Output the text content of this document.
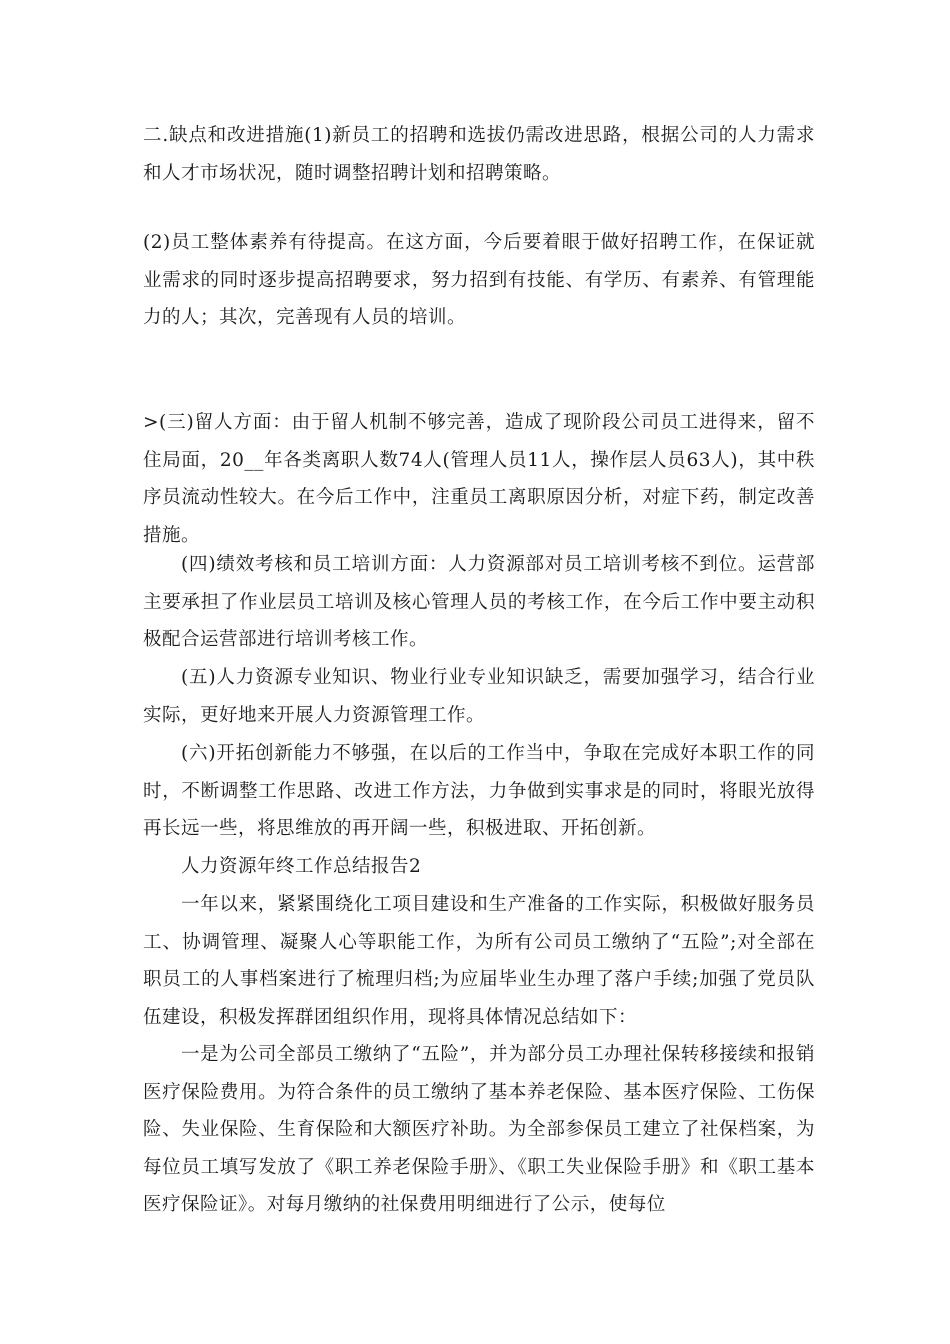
二.缺点和改进措施(1)新员工的招聘和选拔仍需改进思路，根据公司的人力需求和人才市场状况，随时调整招聘计划和招聘策略。

(2)员工整体素养有待提高。在这方面，今后要着眼于做好招聘工作，在保证就业需求的同时逐步提高招聘要求，努力招到有技能、有学历、有素养、有管理能力的人；其次，完善现有人员的培训。

>(三)留人方面：由于留人机制不够完善，造成了现阶段公司员工进得来，留不住局面，20__年各类离职人数74人(管理人员11人，操作层人员63人)，其中秩序员流动性较大。在今后工作中，注重员工离职原因分析，对症下药，制定改善措施。

(四)绩效考核和员工培训方面：人力资源部对员工培训考核不到位。运营部主要承担了作业层员工培训及核心管理人员的考核工作，在今后工作中要主动积极配合运营部进行培训考核工作。

(五)人力资源专业知识、物业行业专业知识缺乏，需要加强学习，结合行业实际，更好地来开展人力资源管理工作。

(六)开拓创新能力不够强，在以后的工作当中，争取在完成好本职工作的同时，不断调整工作思路、改进工作方法，力争做到实事求是的同时，将眼光放得再长远一些，将思维放的再开阔一些，积极进取、开拓创新。

人力资源年终工作总结报告2

一年以来，紧紧围绕化工项目建设和生产准备的工作实际，积极做好服务员工、协调管理、凝聚人心等职能工作，为所有公司员工缴纳了“五险”;对全部在职员工的人事档案进行了梳理归档;为应届毕业生办理了落户手续;加强了党员队伍建设，积极发挥群团组织作用，现将具体情况总结如下：

一是为公司全部员工缴纳了“五险”，并为部分员工办理社保转移接续和报销医疗保险费用。为符合条件的员工缴纳了基本养老保险、基本医疗保险、工伤保险、失业保险、生育保险和大额医疗补助。为全部参保员工建立了社保档案，为每位员工填写发放了《职工养老保险手册》、《职工失业保险手册》和《职工基本医疗保险证》。对每月缴纳的社保费用明细进行了公示，使每位
